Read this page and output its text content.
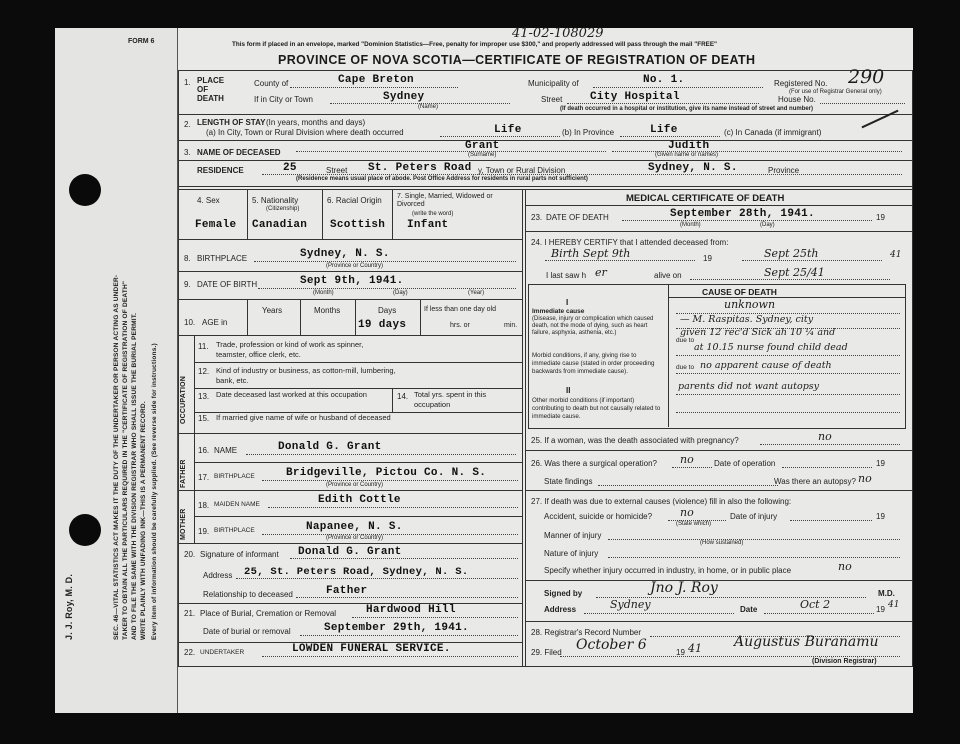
J. J. Roy, M. D.	SEC. 46—VITAL STATISTICS ACT MAKES IT THE DUTY OF THE UNDERTAKER OR PERSON ACTING AS UNDER- TAKER TO OBTAIN ALL THE PARTICULARS REQUIRED IN THE "CERTIFICATE OF REGISTRATION OF DEATH" AND TO FILE THE SAME WITH THE DIVISION REGISTRAR WHO SHALL ISSUE THE BURIAL PERMIT. WRITE PLAINLY WITH UNFADING INK—THIS IS A PERMANENT RECORD. Every item of information should be carefully supplied. (See reverse side for instructions.)
FORM 6
41-02-108029
This form if placed in an envelope, marked "Dominion Statistics—Free, penalty for improper use $300," and properly addressed will pass through the mail "FREE"
PROVINCE OF NOVA SCOTIA—CERTIFICATE OF REGISTRATION OF DEATH
1. PLACE OF DEATH
County of	Cape Breton	Municipality of	No. 1.	Registered No. 290
(For use of Registrar General only)
If in City or Town	Sydney
(Name)
Street	City Hospital	House No.
(If death occurred in a hospital or institution, give its name instead of street and number)
2. LENGTH OF STAY (In years, months and days)
(a) In City, Town or Rural Division where death occurred	Life	(b) In Province	Life	(c) In Canada (if immigrant)
3. NAME OF DECEASED
Grant
(Surname)
Judith
(Given name or names)
RESIDENCE	25	Street St. Peters Road y, Town or Rural Division	Sydney, N. S.	Province
(Residence means usual place of abode. Post Office Address for residents in rural parts not sufficient)
4. Sex
Female
5. Nationality
(Citizenship)
Canadian
6. Racial Origin
Scottish
7. Single, Married, Widowed or Divorced
(write the word)
Infant
8. BIRTHPLACE	Sydney, N. S.
(Province or Country)
9. DATE OF BIRTH	Sept 9th, 1941.
(Month)	(Day)	(Year)
10. AGE in
Years	Months	Days
19 days
If less than one day old
hrs. or	min.
OCCUPATION
11. Trade, profession or kind of work as spinner, teamster, office clerk, etc.
12. Kind of industry or business, as cotton-mill, lumbering, bank, etc.
13. Date deceased last worked at this occupation	14. Total yrs. spent in this occupation
15. If married give name of wife or husband of deceased
FATHER
MOTHER
16. NAME	Donald G. Grant
17. BIRTHPLACE	Bridgeville, Pictou Co. N. S.
(Province or Country)
18. MAIDEN NAME	Edith Cottle
19. BIRTHPLACE	Napanee, N. S.
(Province or Country)
20. Signature of informant Donald G. Grant
Address 25, St. Peters Road, Sydney, N. S.
Relationship to deceased	Father
21. Place of Burial, Cremation or Removal	Hardwood Hill
Date of burial or removal	September 29th, 1941.
22. UNDERTAKER	LOWDEN FUNERAL SERVICE.
MEDICAL CERTIFICATE OF DEATH
23. DATE OF DEATH	September 28th, 1941.	19
(Month)	(Day)
24. I HEREBY CERTIFY that I attended deceased from:
Birth Sept 9th	19	Sept 25th	41
I last saw h er	alive on	Sept 25/41
CAUSE OF DEATH
I
Immediate cause
(Disease, injury or complication which caused death, not the mode of dying, such as heart failure, asphyxia, asthenia, etc.)
Morbid conditions, if any, giving rise to immediate cause (stated in order proceeding backwards from immediate cause).
II
Other morbid conditions (if important) contributing to death but not causally related to immediate cause.
unknown
— M. Raspitas. Sydney, city
given 12 rec'd Sick ah 10 ¼ and
due to
at 10.15 nurse found child dead
due to no apparent cause of death
parents did not want autopsy
25. If a woman, was the death associated with pregnancy?	no
26. Was there a surgical operation? no	Date of operation	19
State findings	Was there an autopsy? no
27. If death was due to external causes (violence) fill in also the following:
Accident, suicide or homicide?	no
(State which)
Date of injury	19
Manner of injury
(How sustained)
Nature of injury
Specify whether injury occurred in industry, in home, or in public place	no
Signed by	Jno J. Roy	M.D.
Address	Sydney	Date	Oct 2	19 41
28. Registrar's Record Number
29. Filed October 6	19 41 Augustus Buranamu
(Division Registrar)
